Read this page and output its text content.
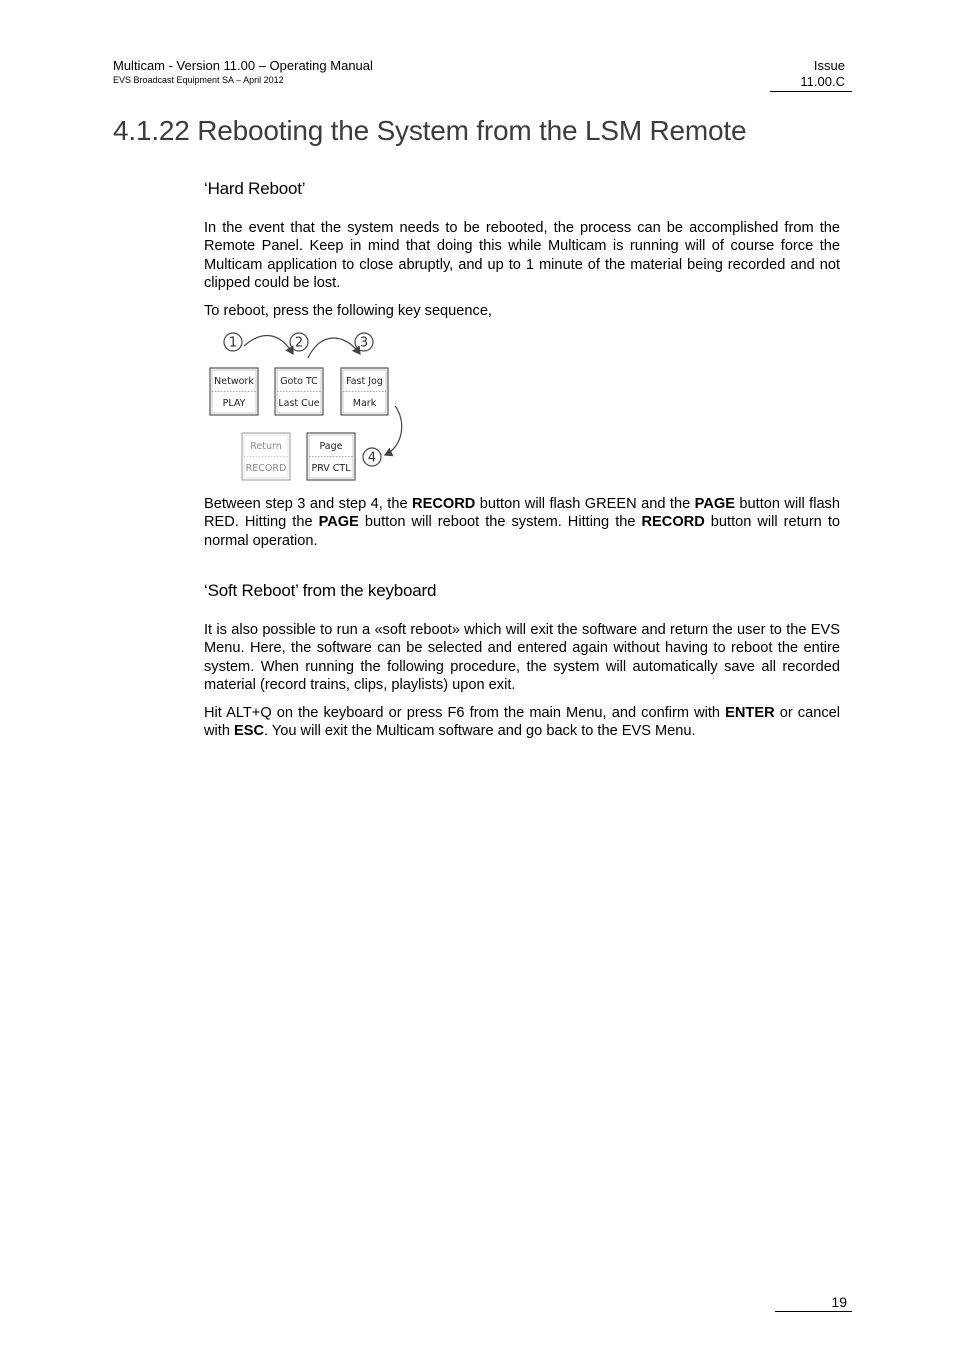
Multicam - Version 11.00 – Operating Manual
EVS Broadcast Equipment SA – April 2012
Issue
11.00.C
4.1.22 Rebooting the System from the LSM Remote
‘Hard Reboot’

In the event that the system needs to be rebooted, the process can be accomplished from the Remote Panel. Keep in mind that doing this while Multicam is running will of course force the Multicam application to close abruptly, and up to 1 minute of the material being recorded and not clipped could be lost.

To reboot, press the following key sequence,

1	2	3
4
Network
PLAY
Goto TC
Last Cue
Fast Jog
Mark
Return
RECORD
Page
PRV CTL

Between step 3 and step 4, the RECORD button will flash GREEN and the PAGE button will flash RED. Hitting the PAGE button will reboot the system. Hitting the RECORD button will return to normal operation.

‘Soft Reboot’ from the keyboard

It is also possible to run a «soft reboot» which will exit the software and return the user to the EVS Menu. Here, the software can be selected and entered again without having to reboot the entire system. When running the following procedure, the system will automatically save all recorded material (record trains, clips, playlists) upon exit.

Hit ALT+Q on the keyboard or press F6 from the main Menu, and confirm with ENTER or cancel with ESC. You will exit the Multicam software and go back to the EVS Menu.

19
